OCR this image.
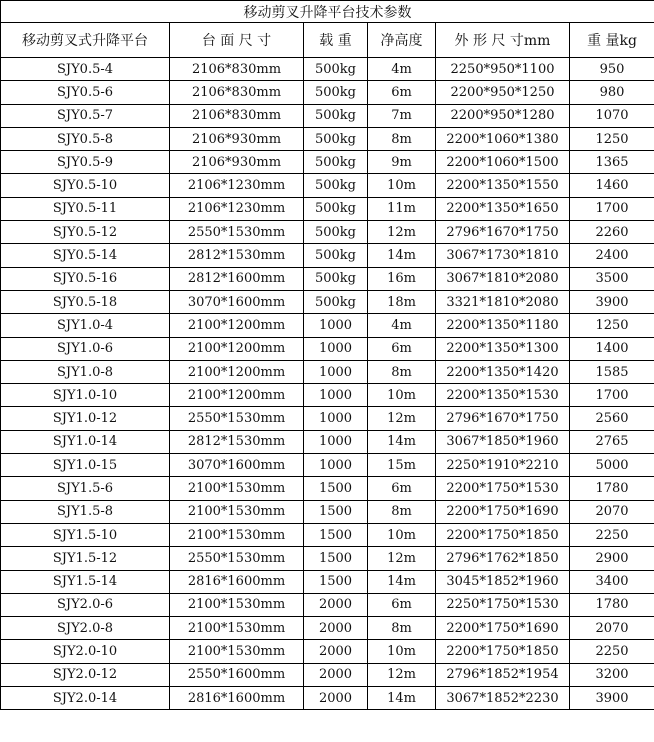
移动剪叉升降平台技术参数					
移动剪叉式升降平台	台 面 尺 寸	载 重	净高度	外 形 尺 寸mm	重 量kg
SJY0.5-4	2106*830mm	500kg	4m	2250*950*1100	950
SJY0.5-6	2106*830mm	500kg	6m	2200*950*1250	980
SJY0.5-7	2106*830mm	500kg	7m	2200*950*1280	1070
SJY0.5-8	2106*930mm	500kg	8m	2200*1060*1380	1250
SJY0.5-9	2106*930mm	500kg	9m	2200*1060*1500	1365
SJY0.5-10	2106*1230mm	500kg	10m	2200*1350*1550	1460
SJY0.5-11	2106*1230mm	500kg	11m	2200*1350*1650	1700
SJY0.5-12	2550*1530mm	500kg	12m	2796*1670*1750	2260
SJY0.5-14	2812*1530mm	500kg	14m	3067*1730*1810	2400
SJY0.5-16	2812*1600mm	500kg	16m	3067*1810*2080	3500
SJY0.5-18	3070*1600mm	500kg	18m	3321*1810*2080	3900
SJY1.0-4	2100*1200mm	1000	4m	2200*1350*1180	1250
SJY1.0-6	2100*1200mm	1000	6m	2200*1350*1300	1400
SJY1.0-8	2100*1200mm	1000	8m	2200*1350*1420	1585
SJY1.0-10	2100*1200mm	1000	10m	2200*1350*1530	1700
SJY1.0-12	2550*1530mm	1000	12m	2796*1670*1750	2560
SJY1.0-14	2812*1530mm	1000	14m	3067*1850*1960	2765
SJY1.0-15	3070*1600mm	1000	15m	2250*1910*2210	5000
SJY1.5-6	2100*1530mm	1500	6m	2200*1750*1530	1780
SJY1.5-8	2100*1530mm	1500	8m	2200*1750*1690	2070
SJY1.5-10	2100*1530mm	1500	10m	2200*1750*1850	2250
SJY1.5-12	2550*1530mm	1500	12m	2796*1762*1850	2900
SJY1.5-14	2816*1600mm	1500	14m	3045*1852*1960	3400
SJY2.0-6	2100*1530mm	2000	6m	2250*1750*1530	1780
SJY2.0-8	2100*1530mm	2000	8m	2200*1750*1690	2070
SJY2.0-10	2100*1530mm	2000	10m	2200*1750*1850	2250
SJY2.0-12	2550*1600mm	2000	12m	2796*1852*1954	3200
SJY2.0-14	2816*1600mm	2000	14m	3067*1852*2230	3900
